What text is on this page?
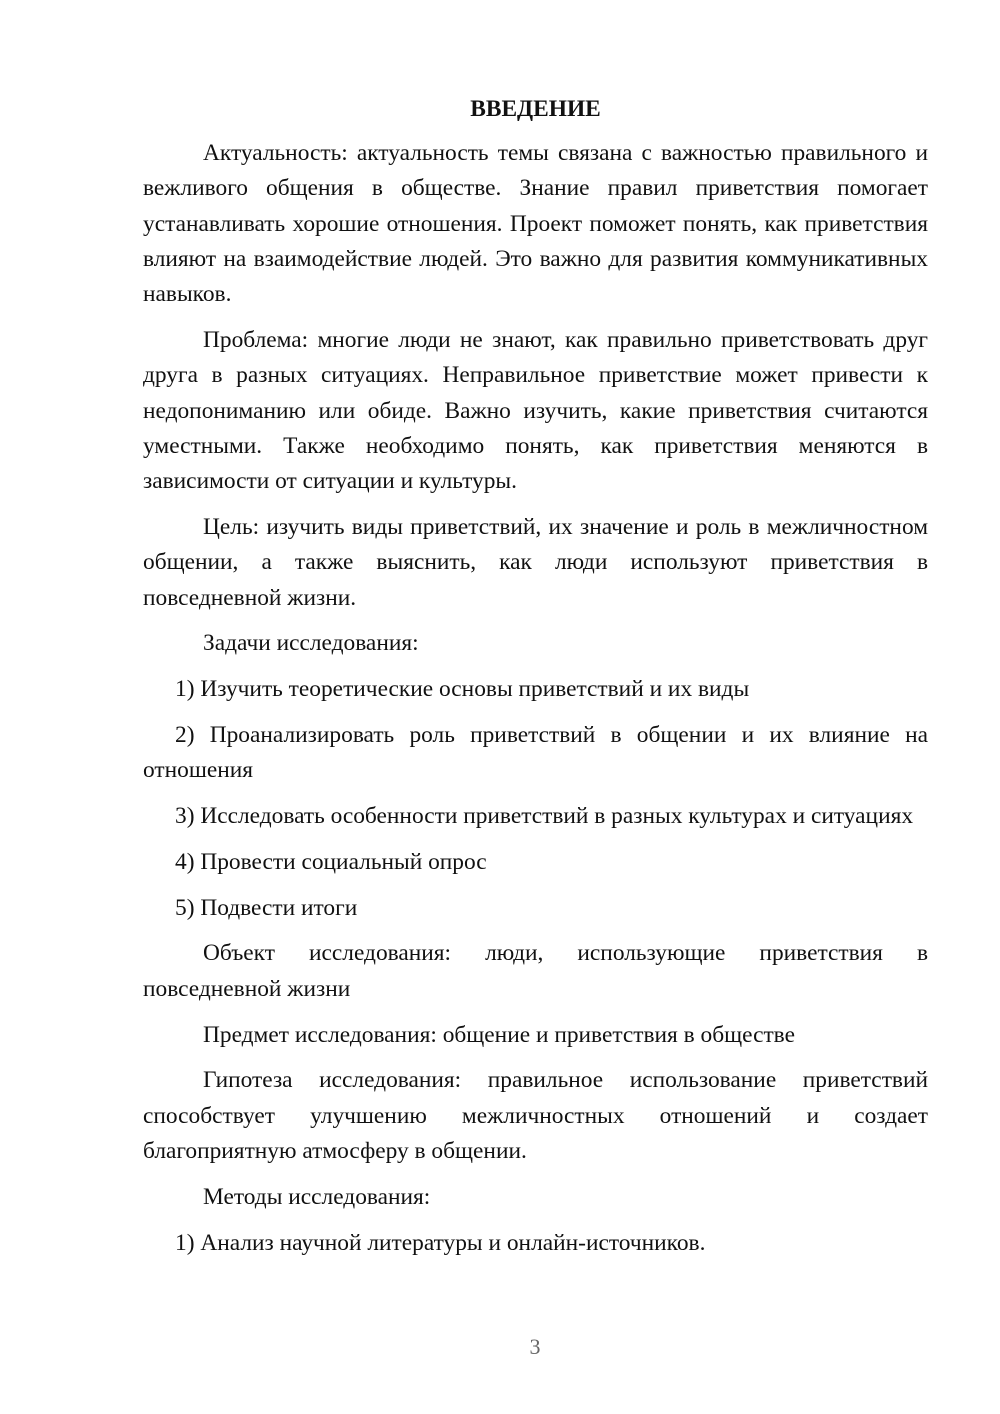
ВВЕДЕНИЕ

Актуальность: актуальность темы связана с важностью правильного и вежливого общения в обществе. Знание правил приветствия помогает устанавливать хорошие отношения. Проект поможет понять, как приветствия влияют на взаимодействие людей. Это важно для развития коммуникативных навыков.

Проблема: многие люди не знают, как правильно приветствовать друг друга в разных ситуациях. Неправильное приветствие может привести к недопониманию или обиде. Важно изучить, какие приветствия считаются уместными. Также необходимо понять, как приветствия меняются в зависимости от ситуации и культуры.

Цель: изучить виды приветствий, их значение и роль в межличностном общении, а также выяснить, как люди используют приветствия в повседневной жизни.

Задачи исследования:

1) Изучить теоретические основы приветствий и их виды

2) Проанализировать роль приветствий в общении и их влияние на отношения

3) Исследовать особенности приветствий в разных культурах и ситуациях

4) Провести социальный опрос

5) Подвести итоги

Объект исследования: люди, использующие приветствия в повседневной жизни

Предмет исследования: общение и приветствия в обществе

Гипотеза исследования: правильное использование приветствий способствует улучшению межличностных отношений и создает благоприятную атмосферу в общении.

Методы исследования:

1) Анализ научной литературы и онлайн-источников.

3
